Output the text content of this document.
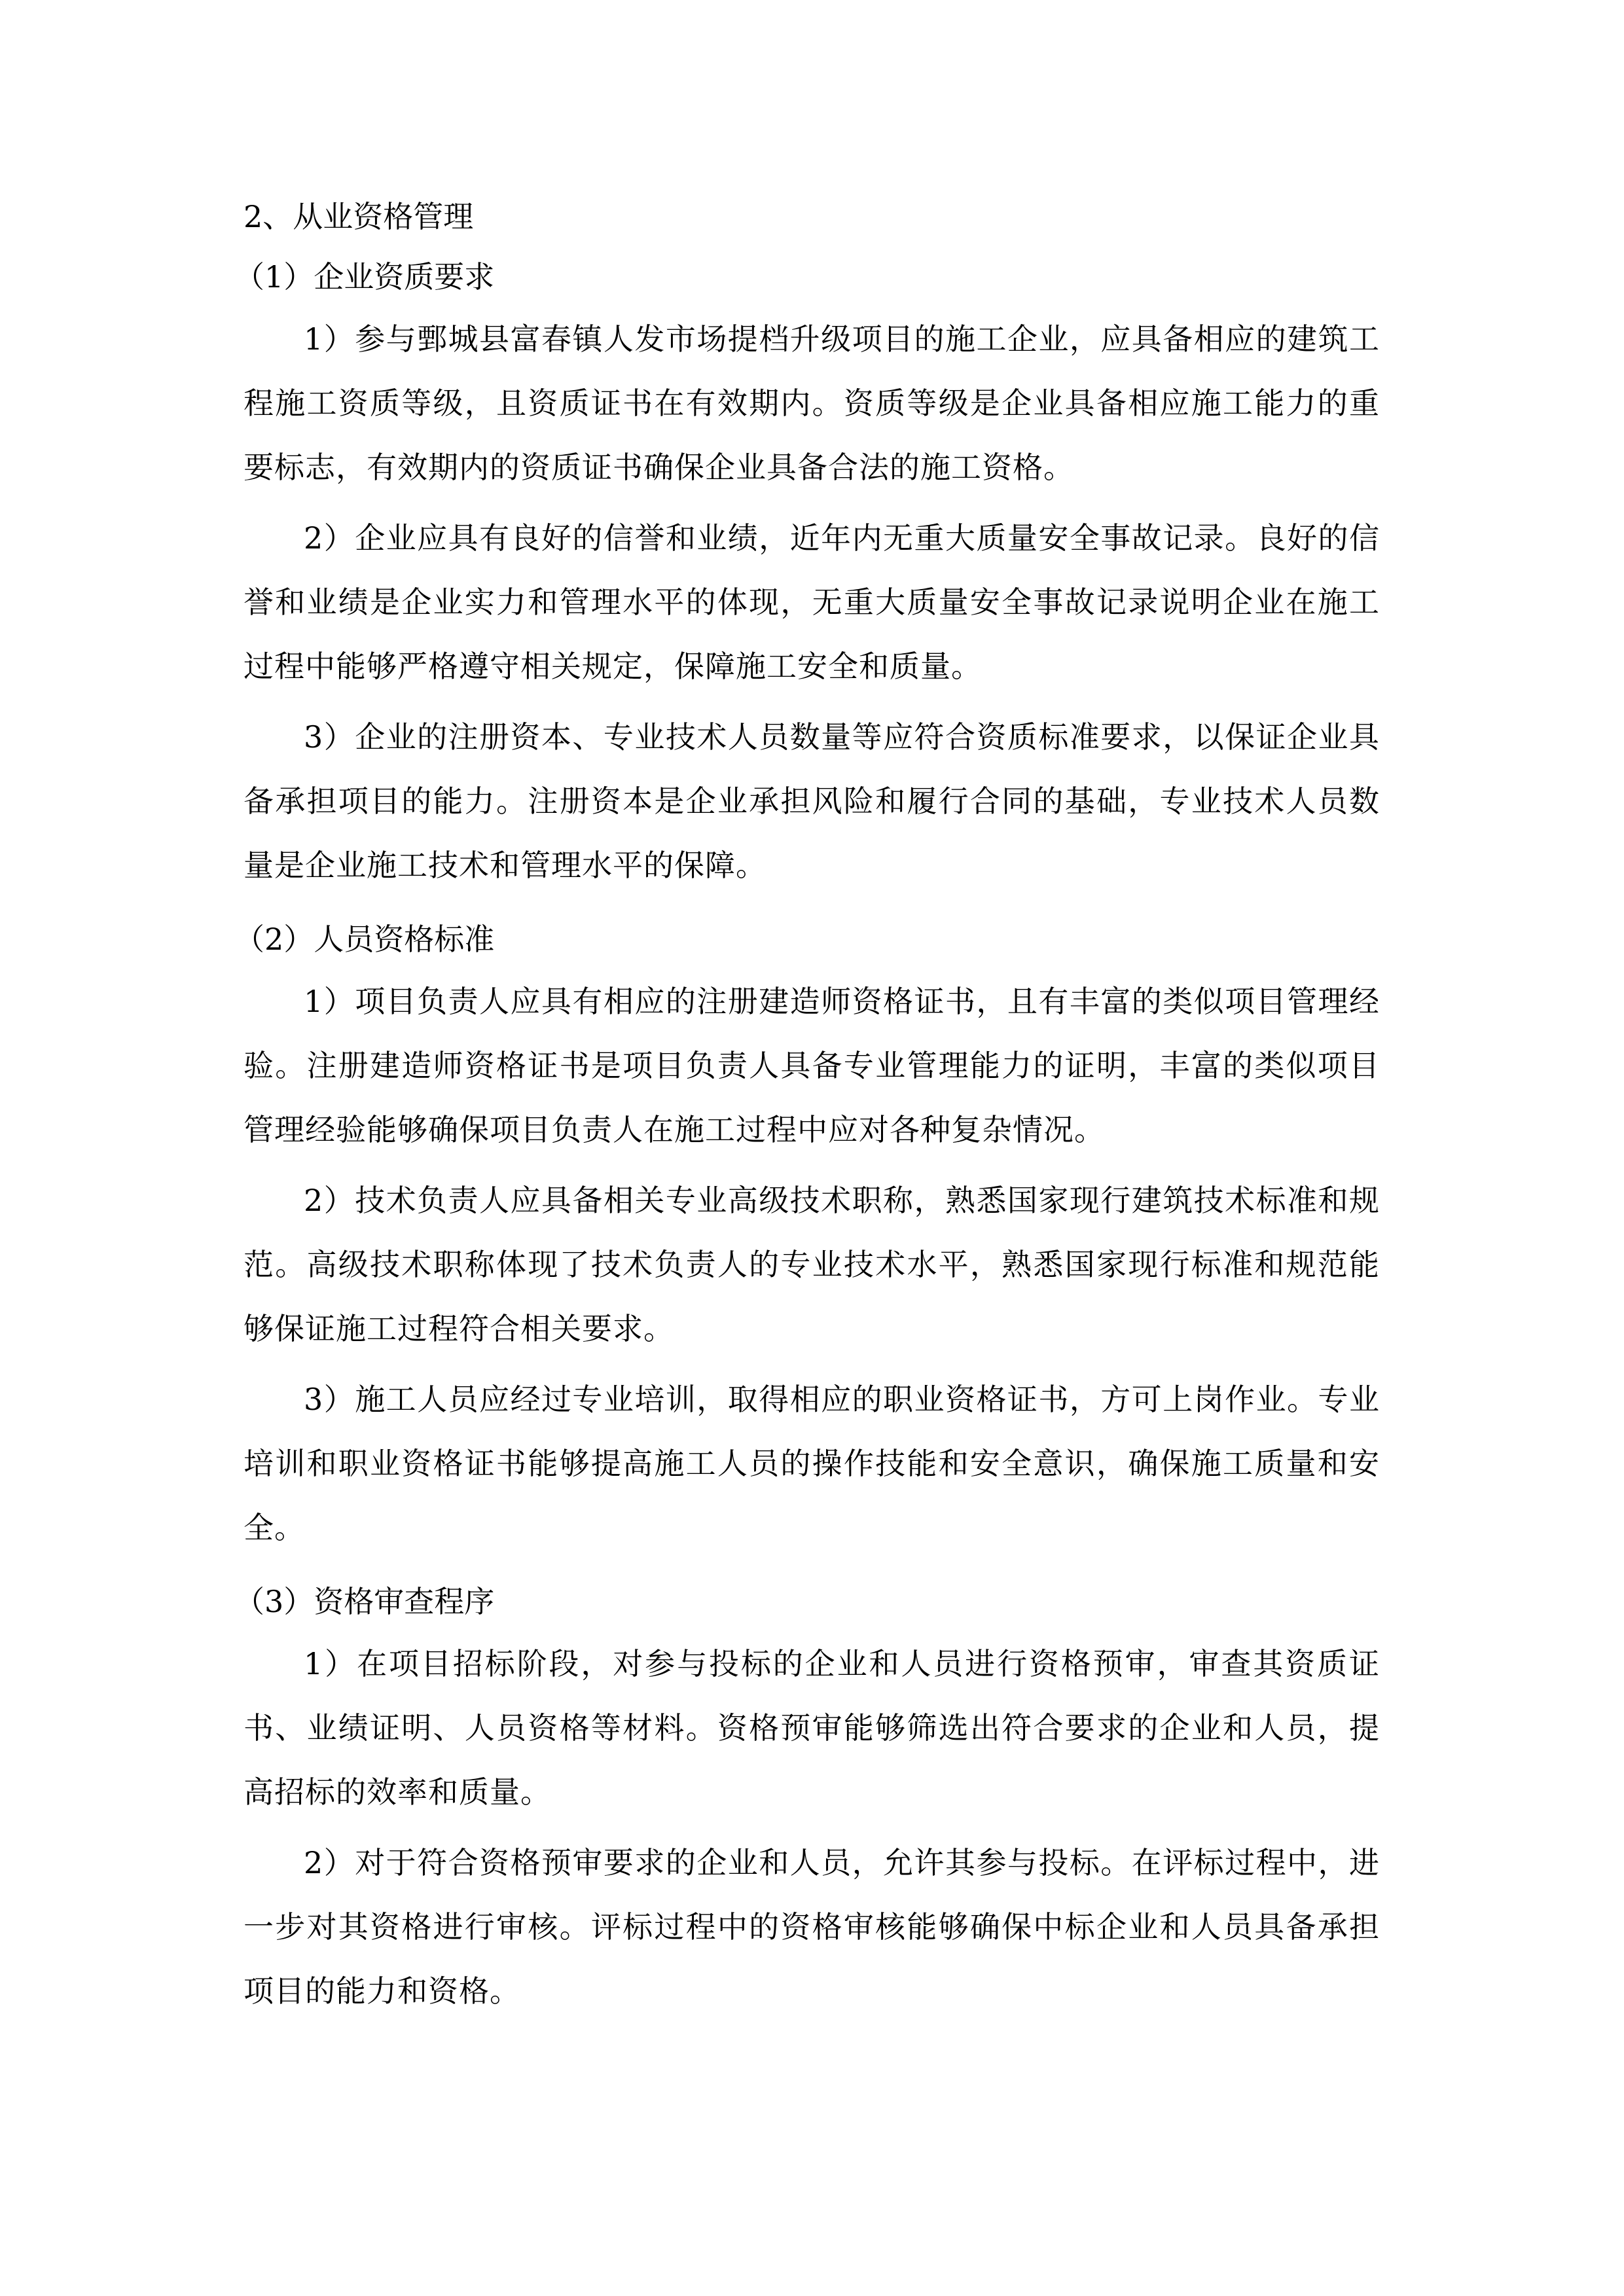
2、从业资格管理

（1）企业资质要求

1）参与鄄城县富春镇人发市场提档升级项目的施工企业，应具备相应的建筑工程施工资质等级，且资质证书在有效期内。资质等级是企业具备相应施工能力的重要标志，有效期内的资质证书确保企业具备合法的施工资格。

2）企业应具有良好的信誉和业绩，近年内无重大质量安全事故记录。良好的信誉和业绩是企业实力和管理水平的体现，无重大质量安全事故记录说明企业在施工过程中能够严格遵守相关规定，保障施工安全和质量。

3）企业的注册资本、专业技术人员数量等应符合资质标准要求，以保证企业具备承担项目的能力。注册资本是企业承担风险和履行合同的基础，专业技术人员数量是企业施工技术和管理水平的保障。

（2）人员资格标准

1）项目负责人应具有相应的注册建造师资格证书，且有丰富的类似项目管理经验。注册建造师资格证书是项目负责人具备专业管理能力的证明，丰富的类似项目管理经验能够确保项目负责人在施工过程中应对各种复杂情况。

2）技术负责人应具备相关专业高级技术职称，熟悉国家现行建筑技术标准和规范。高级技术职称体现了技术负责人的专业技术水平，熟悉国家现行标准和规范能够保证施工过程符合相关要求。

3）施工人员应经过专业培训，取得相应的职业资格证书，方可上岗作业。专业培训和职业资格证书能够提高施工人员的操作技能和安全意识，确保施工质量和安全。

（3）资格审查程序

1）在项目招标阶段，对参与投标的企业和人员进行资格预审，审查其资质证书、业绩证明、人员资格等材料。资格预审能够筛选出符合要求的企业和人员，提高招标的效率和质量。

2）对于符合资格预审要求的企业和人员，允许其参与投标。在评标过程中，进一步对其资格进行审核。评标过程中的资格审核能够确保中标企业和人员具备承担项目的能力和资格。
